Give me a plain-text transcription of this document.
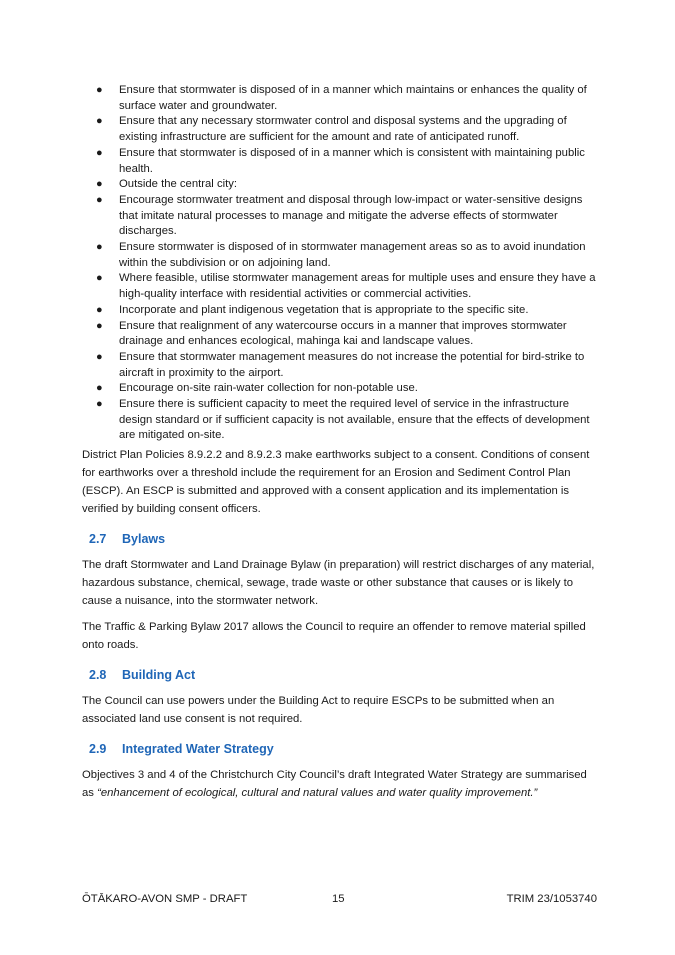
● Ensure that stormwater is disposed of in a manner which maintains or enhances the quality of surface water and groundwater.
● Ensure that any necessary stormwater control and disposal systems and the upgrading of existing infrastructure are sufficient for the amount and rate of anticipated runoff.
● Ensure that stormwater is disposed of in a manner which is consistent with maintaining public health.
● Outside the central city:
● Encourage stormwater treatment and disposal through low-impact or water-sensitive designs that imitate natural processes to manage and mitigate the adverse effects of stormwater discharges.
● Ensure stormwater is disposed of in stormwater management areas so as to avoid inundation within the subdivision or on adjoining land.
● Where feasible, utilise stormwater management areas for multiple uses and ensure they have a high-quality interface with residential activities or commercial activities.
● Incorporate and plant indigenous vegetation that is appropriate to the specific site.
● Ensure that realignment of any watercourse occurs in a manner that improves stormwater drainage and enhances ecological, mahinga kai and landscape values.
● Ensure that stormwater management measures do not increase the potential for bird-strike to aircraft in proximity to the airport.
● Encourage on-site rain-water collection for non-potable use.
● Ensure there is sufficient capacity to meet the required level of service in the infrastructure design standard or if sufficient capacity is not available, ensure that the effects of development are mitigated on-site.

District Plan Policies 8.9.2.2 and 8.9.2.3 make earthworks subject to a consent. Conditions of consent for earthworks over a threshold include the requirement for an Erosion and Sediment Control Plan (ESCP). An ESCP is submitted and approved with a consent application and its implementation is verified by building consent officers.

2.7	Bylaws

The draft Stormwater and Land Drainage Bylaw (in preparation) will restrict discharges of any material, hazardous substance, chemical, sewage, trade waste or other substance that causes or is likely to cause a nuisance, into the stormwater network.

The Traffic & Parking Bylaw 2017 allows the Council to require an offender to remove material spilled onto roads.

2.8	Building Act

The Council can use powers under the Building Act to require ESCPs to be submitted when an associated land use consent is not required.

2.9	Integrated Water Strategy

Objectives 3 and 4 of the Christchurch City Council’s draft Integrated Water Strategy are summarised as “enhancement of ecological, cultural and natural values and water quality improvement.”

ŌTĀKARO-AVON SMP - DRAFT	15	TRIM 23/1053740
